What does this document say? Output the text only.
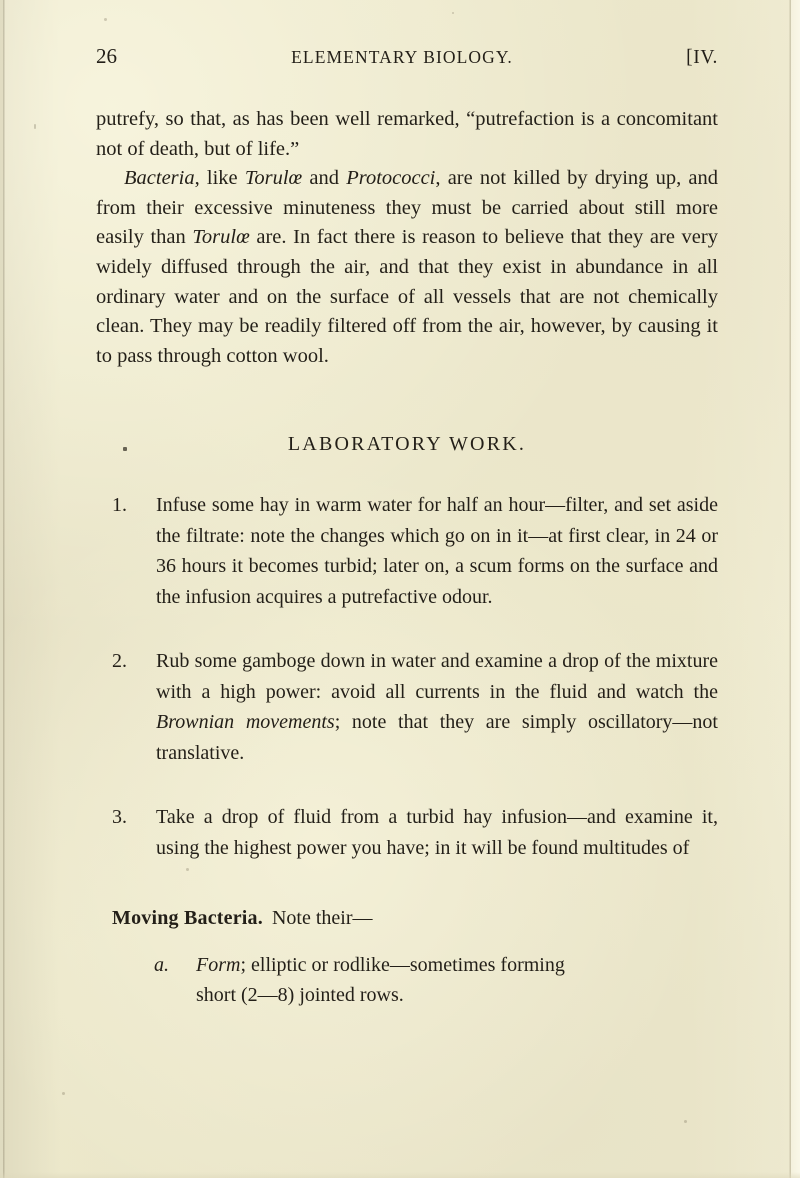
26	ELEMENTARY BIOLOGY.	[IV.

putrefy, so that, as has been well remarked, “putrefaction is a concomitant not of death, but of life.”

Bacteria, like Torulœ and Protococci, are not killed by drying up, and from their excessive minuteness they must be carried about still more easily than Torulœ are. In fact there is reason to believe that they are very widely diffused through the air, and that they exist in abundance in all ordinary water and on the surface of all vessels that are not chemically clean. They may be readily filtered off from the air, however, by causing it to pass through cotton wool.

LABORATORY WORK.
1.	Infuse some hay in warm water for half an hour—filter, and set aside the filtrate: note the changes which go on in it—at first clear, in 24 or 36 hours it becomes turbid; later on, a scum forms on the surface and the infusion acquires a putrefactive odour.
2.	Rub some gamboge down in water and examine a drop of the mixture with a high power: avoid all currents in the fluid and watch the Brownian movements; note that they are simply oscillatory—not translative.
3.	Take a drop of fluid from a turbid hay infusion—and examine it, using the highest power you have; in it will be found multitudes of
Moving Bacteria. Note their—
a.	Form; elliptic or rodlike—sometimes forming
short (2—8) jointed rows.
